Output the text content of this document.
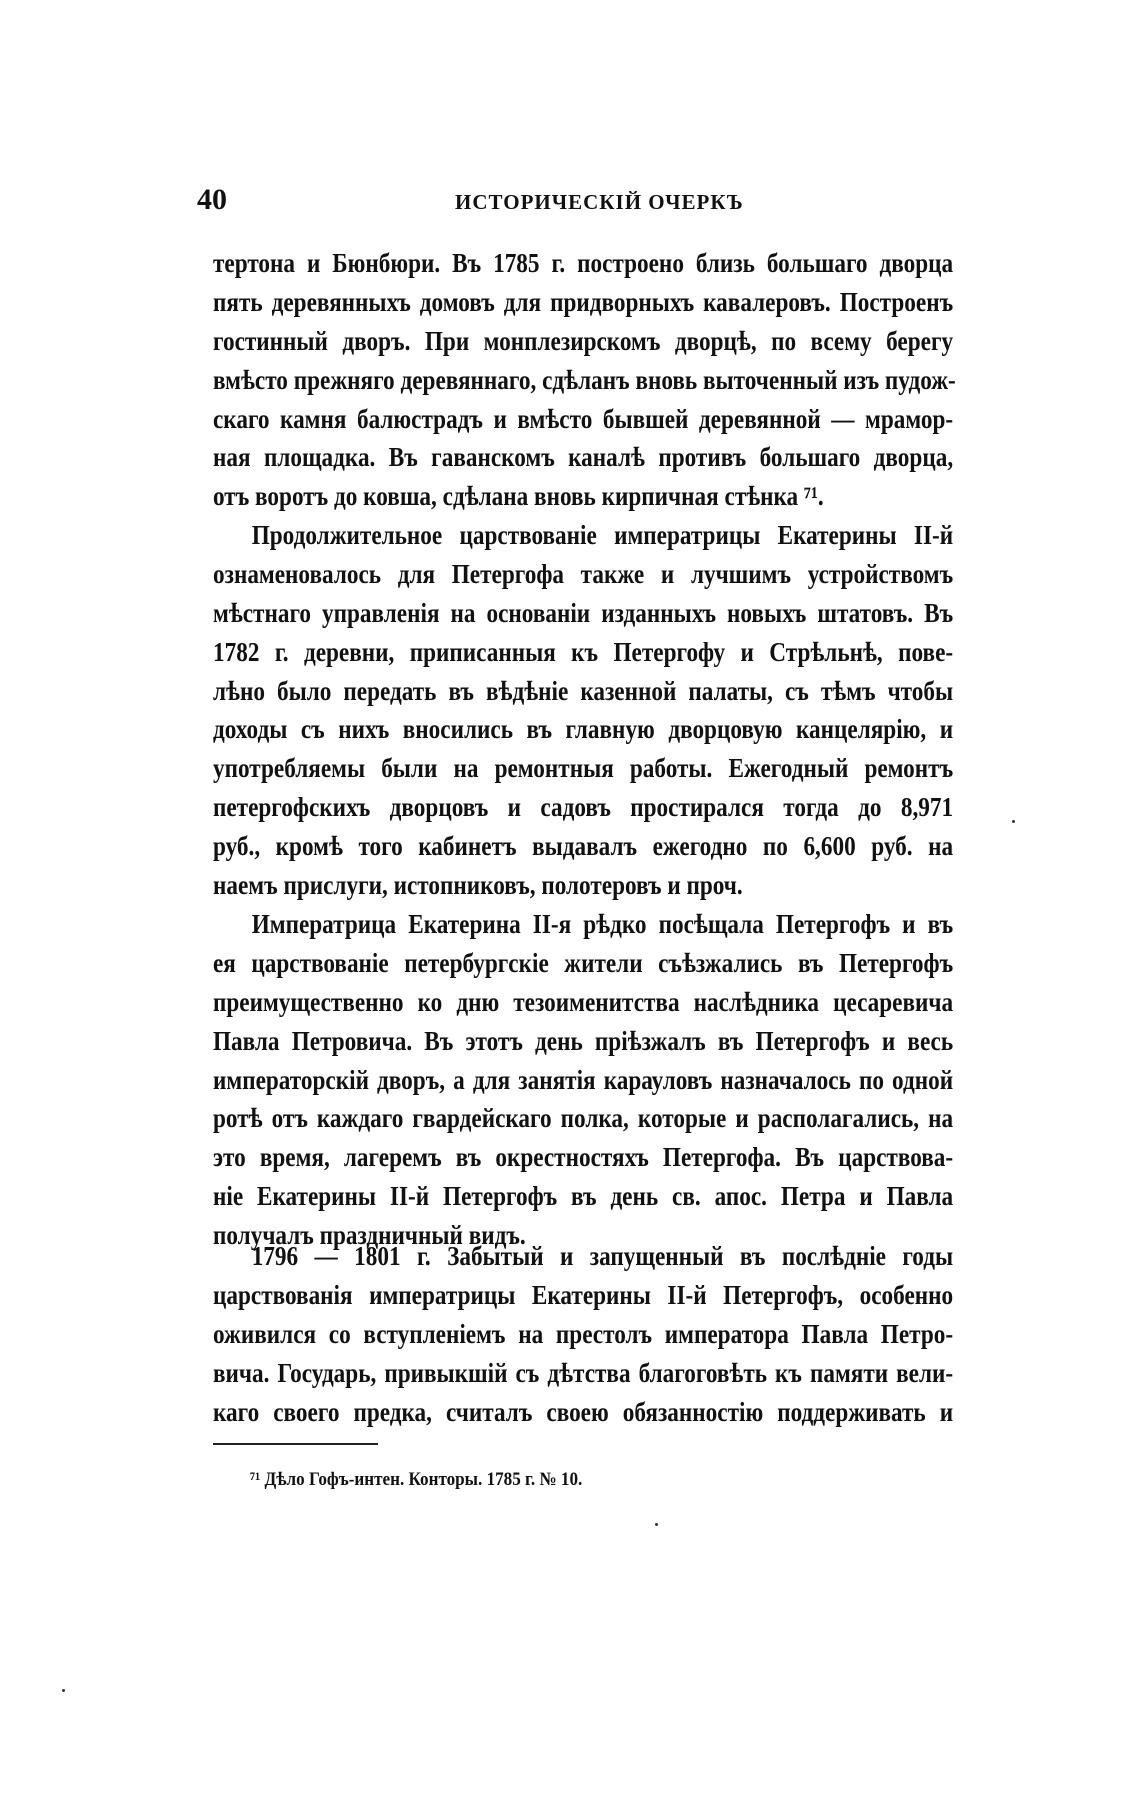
40	ИСТОРИЧЕСКІЙ ОЧЕРКЪ
тертона и Бюнбюри. Въ 1785 г. построено близь большаго дворца
пять деревянныхъ домовъ для придворныхъ кавалеровъ. Построенъ
гостинный дворъ. При монплезирскомъ дворцѣ, по всему берегу
вмѣсто прежняго деревяннаго, сдѣланъ вновь выточенный изъ пудож-
скаго камня балюстрадъ и вмѣсто бывшей деревянной — мрамор-
ная площадка. Въ гаванскомъ каналѣ противъ большаго дворца,
отъ воротъ до ковша, сдѣлана вновь кирпичная стѣнка ⁷¹.
Продолжительное царствованіе императрицы Екатерины II-й
ознаменовалось для Петергофа также и лучшимъ устройствомъ
мѣстнаго управленія на основаніи изданныхъ новыхъ штатовъ. Въ
1782 г. деревни, приписанныя къ Петергофу и Стрѣльнѣ, пове-
лѣно было передать въ вѣдѣніе казенной палаты, съ тѣмъ чтобы
доходы съ нихъ вносились въ главную дворцовую канцелярію, и
употребляемы были на ремонтныя работы. Ежегодный ремонтъ
петергофскихъ дворцовъ и садовъ простирался тогда до 8,971
руб., кромѣ того кабинетъ выдавалъ ежегодно по 6,600 руб. на
наемъ прислуги, истопниковъ, полотеровъ и проч.
Императрица Екатерина II-я рѣдко посѣщала Петергофъ и въ
ея царствованіе петербургскіе жители съѣзжались въ Петергофъ
преимущественно ко дню тезоименитства наслѣдника цесаревича
Павла Петровича. Въ этотъ день пріѣзжалъ въ Петергофъ и весь
императорскій дворъ, а для занятія карауловъ назначалось по одной
ротѣ отъ каждаго гвардейскаго полка, которые и располагались, на
это время, лагеремъ въ окрестностяхъ Петергофа. Въ царствова-
ніе Екатерины II-й Петергофъ въ день св. апос. Петра и Павла
получалъ праздничный видъ.
1796 — 1801 г. Забытый и запущенный въ послѣдніе годы
царствованія императрицы Екатерины II-й Петергофъ, особенно
оживился со вступленіемъ на престолъ императора Павла Петро-
вича. Государь, привыкшій съ дѣтства благоговѣть къ памяти вели-
каго своего предка, считалъ своею обязанностію поддерживать и
⁷¹ Дѣло Гофъ-интен. Конторы. 1785 г. № 10.
